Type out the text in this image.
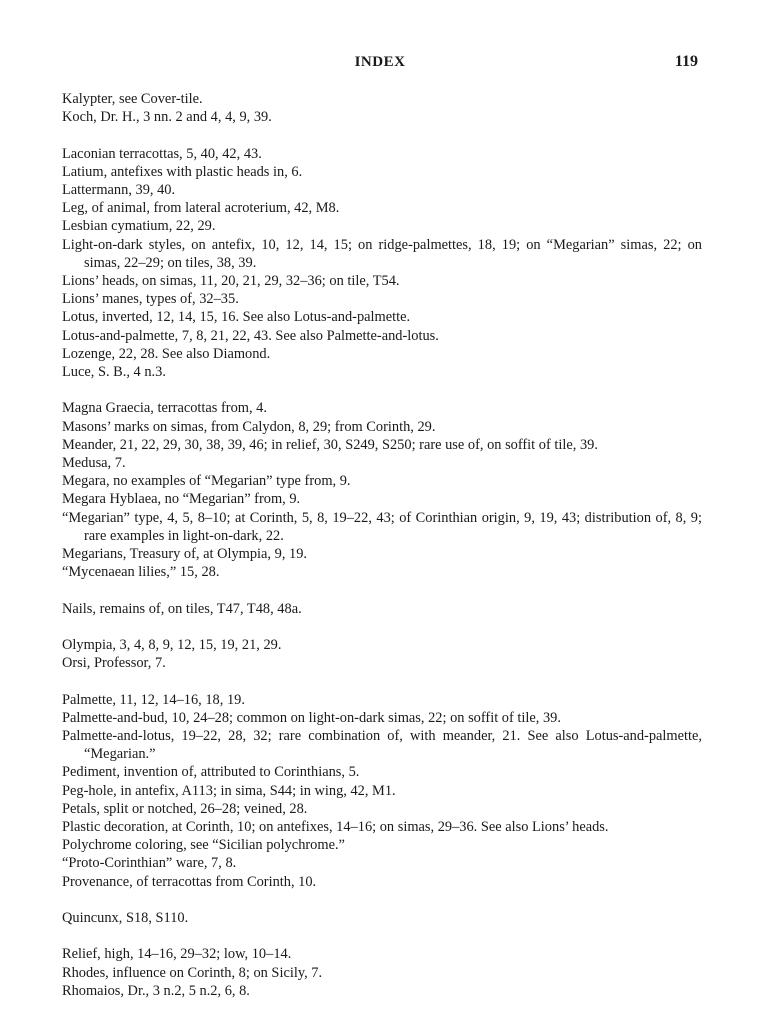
INDEX	119
Kalypter, see Cover-tile.
Koch, Dr. H., 3 nn. 2 and 4, 4, 9, 39.
Laconian terracottas, 5, 40, 42, 43.
Latium, antefixes with plastic heads in, 6.
Lattermann, 39, 40.
Leg, of animal, from lateral acroterium, 42, M8.
Lesbian cymatium, 22, 29.
Light-on-dark styles, on antefix, 10, 12, 14, 15; on ridge-palmettes, 18, 19; on “Megarian” simas, 22; on simas, 22–29; on tiles, 38, 39.
Lions’ heads, on simas, 11, 20, 21, 29, 32–36; on tile, T54.
Lions’ manes, types of, 32–35.
Lotus, inverted, 12, 14, 15, 16. See also Lotus-and-palmette.
Lotus-and-palmette, 7, 8, 21, 22, 43. See also Palmette-and-lotus.
Lozenge, 22, 28. See also Diamond.
Luce, S. B., 4 n.3.
Magna Graecia, terracottas from, 4.
Masons’ marks on simas, from Calydon, 8, 29; from Corinth, 29.
Meander, 21, 22, 29, 30, 38, 39, 46; in relief, 30, S249, S250; rare use of, on soffit of tile, 39.
Medusa, 7.
Megara, no examples of “Megarian” type from, 9.
Megara Hyblaea, no “Megarian” from, 9.
“Megarian” type, 4, 5, 8–10; at Corinth, 5, 8, 19–22, 43; of Corinthian origin, 9, 19, 43; distribution of, 8, 9; rare examples in light-on-dark, 22.
Megarians, Treasury of, at Olympia, 9, 19.
“Mycenaean lilies,” 15, 28.
Nails, remains of, on tiles, T47, T48, 48a.
Olympia, 3, 4, 8, 9, 12, 15, 19, 21, 29.
Orsi, Professor, 7.
Palmette, 11, 12, 14–16, 18, 19.
Palmette-and-bud, 10, 24–28; common on light-on-dark simas, 22; on soffit of tile, 39.
Palmette-and-lotus, 19–22, 28, 32; rare combination of, with meander, 21. See also Lotus-and-palmette, “Megarian.”
Pediment, invention of, attributed to Corinthians, 5.
Peg-hole, in antefix, A113; in sima, S44; in wing, 42, M1.
Petals, split or notched, 26–28; veined, 28.
Plastic decoration, at Corinth, 10; on antefixes, 14–16; on simas, 29–36. See also Lions’ heads.
Polychrome coloring, see “Sicilian polychrome.”
“Proto-Corinthian” ware, 7, 8.
Provenance, of terracottas from Corinth, 10.
Quincunx, S18, S110.
Relief, high, 14–16, 29–32; low, 10–14.
Rhodes, influence on Corinth, 8; on Sicily, 7.
Rhomaios, Dr., 3 n.2, 5 n.2, 6, 8.
